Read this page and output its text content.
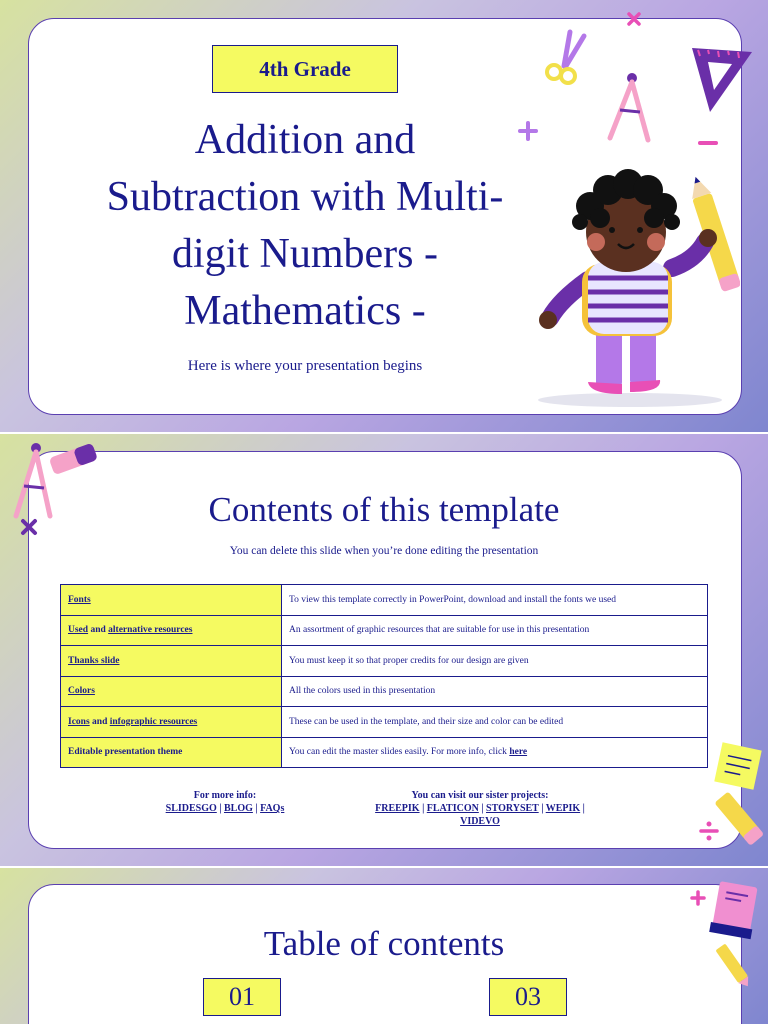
4th Grade
Addition and
Subtraction with Multi-
digit Numbers -
Mathematics -
Here is where your presentation begins
Contents of this template
You can delete this slide when you’re done editing the presentation
Fonts	To view this template correctly in PowerPoint, download and install the fonts we used
Used and alternative resources	An assortment of graphic resources that are suitable for use in this presentation
Thanks slide	You must keep it so that proper credits for our design are given
Colors	All the colors used in this presentation
Icons and infographic resources	These can be used in the template, and their size and color can be edited
Editable presentation theme	You can edit the master slides easily. For more info, click here
For more info:
SLIDESGO | BLOG | FAQs
You can visit our sister projects:
FREEPIK | FLATICON | STORYSET | WEPIK |
VIDEVO
Table of contents
01	03
